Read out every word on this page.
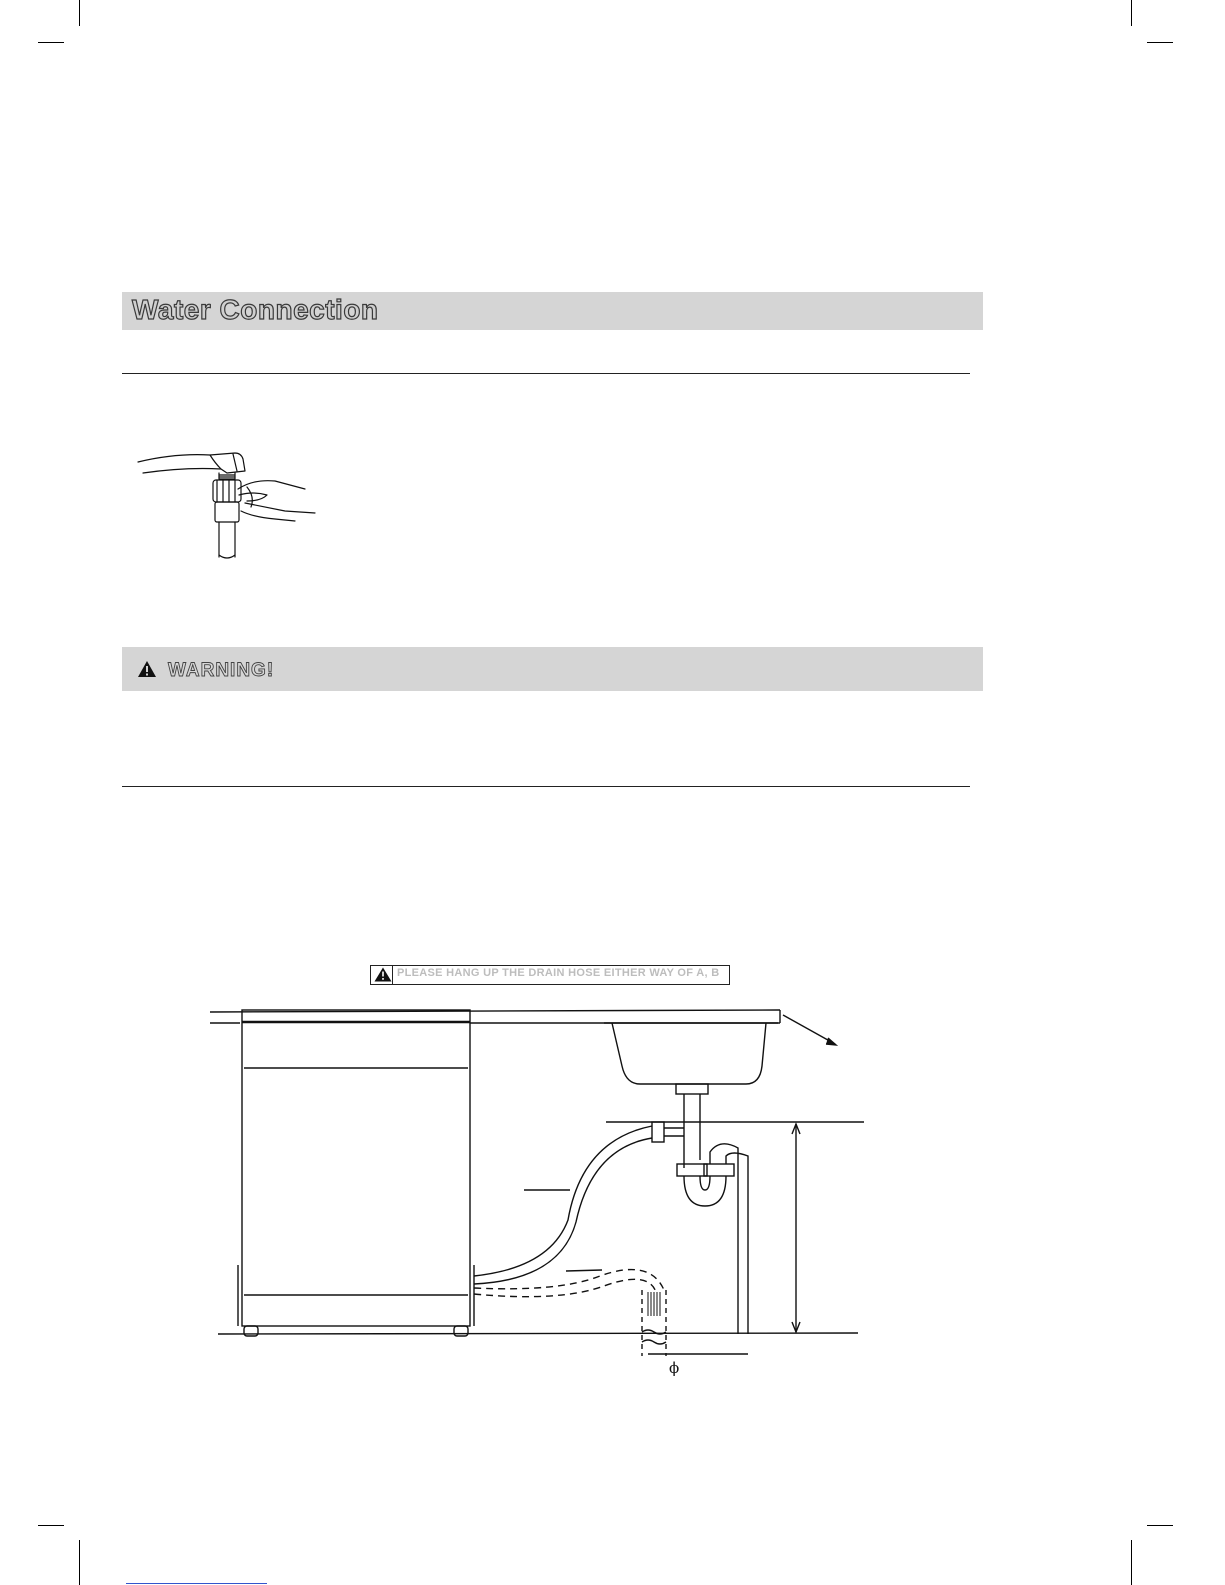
Water Connection
WARNING!
PLEASE HANG UP THE DRAIN HOSE EITHER WAY OF A, B
ϕ
